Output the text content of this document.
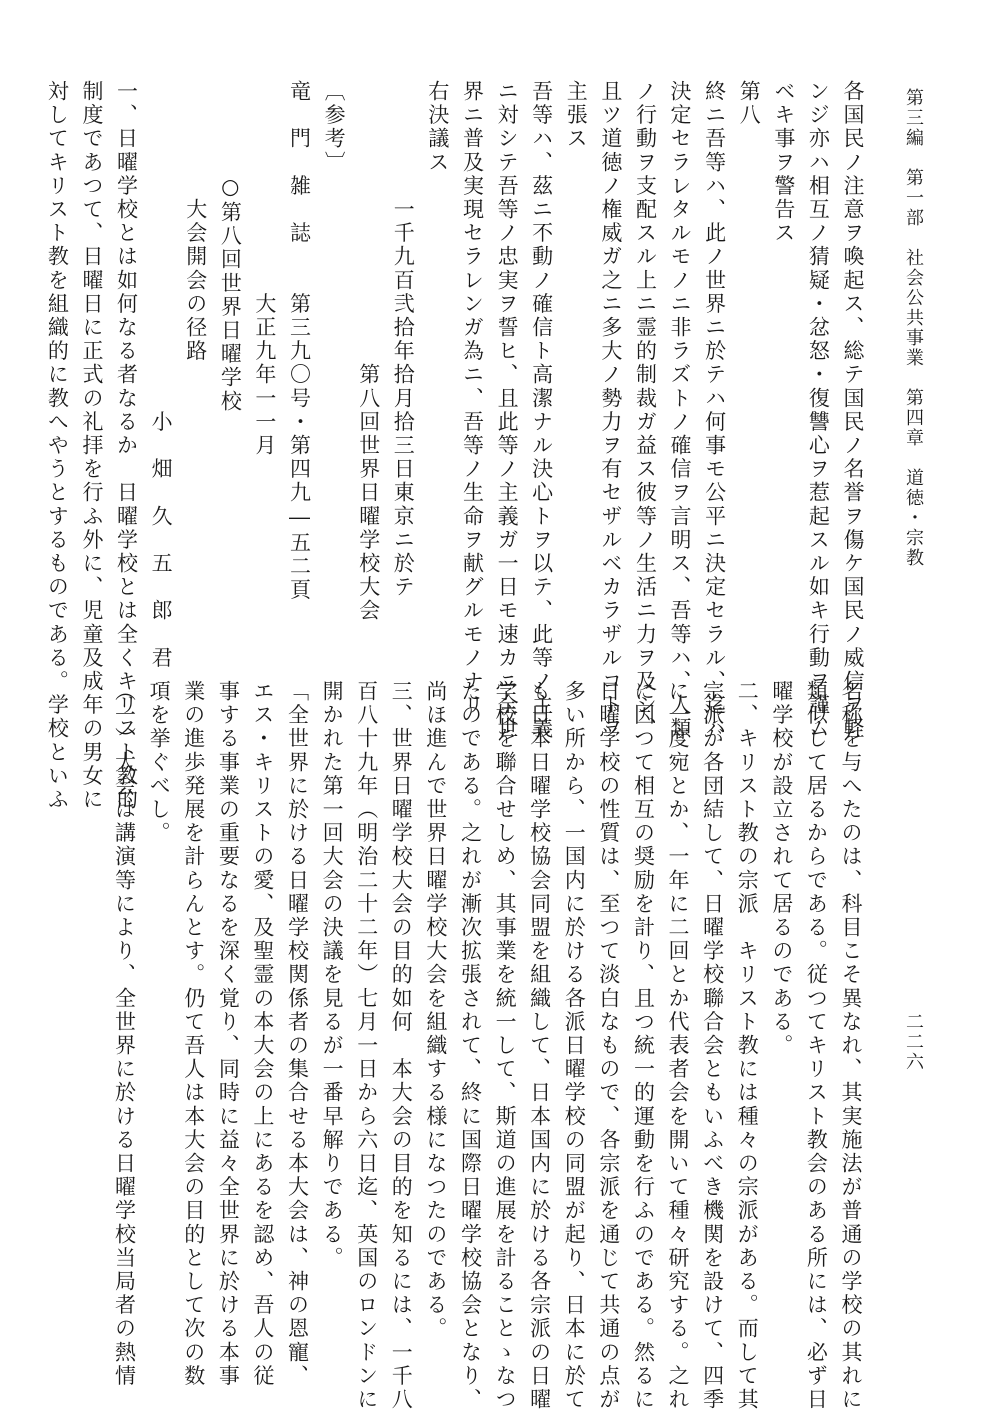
第三編　第一部　社会公共事業　第四章　道徳・宗教
二二六
各国民ノ注意ヲ喚起ス、総テ国民ノ名誉ヲ傷ケ国民ノ威信ヲ軽
ンジ亦ハ相互ノ猜疑・忿怒・復讐心ヲ惹起スル如キ行動ヲ謹ム
ベキ事ヲ警告ス
第八
終ニ吾等ハ、此ノ世界ニ於テハ何事モ公平ニ決定セラル、迄ハ
決定セラレタルモノニ非ラズトノ確信ヲ言明ス、吾等ハ、人類
ノ行動ヲ支配スル上ニ霊的制裁ガ益ス彼等ノ生活ニ力ヲ及シ、
且ツ道徳ノ権威ガ之ニ多大ノ勢力ヲ有セザルベカラザルコトヲ
主張ス
吾等ハ、茲ニ不動ノ確信ト高潔ナル決心トヲ以テ、此等ノ主義
ニ対シテ吾等ノ忠実ヲ誓ヒ、且此等ノ主義ガ一日モ速カニ全世
界ニ普及実現セラレンガ為ニ、吾等ノ生命ヲ献グルモノナリ
右決議ス
　　　　　一千九百弐拾年拾月拾三日東京ニ於テ
　　　　　　　　　　　　第八回世界日曜学校大会
〔参考〕
竜　門　雑　誌　　第三九〇号・第四九―五二頁
　　　　　　　　　大正九年一一月
　　　　○第八回世界日曜学校
　　　　　大会開会の径路
　　　　　　　　　　　　　　小　畑　久　五　郎　君
一、日曜学校とは如何なる者なるか　日曜学校とは全くキリスト教的
制度であつて、日曜日に正式の礼拝を行ふ外に、児童及成年の男女に
対してキリスト教を組織的に教へやうとするものである。学校といふ
名称を与へたのは、科目こそ異なれ、其実施法が普通の学校の其れに
類似して居るからである。従つてキリスト教会のある所には、必ず日
曜学校が設立されて居るのである。
二、キリスト教の宗派　キリスト教には種々の宗派がある。而して其
宗派が各団結して、日曜学校聯合会ともいふべき機関を設けて、四季
に一度宛とか、一年に二回とか代表者会を開いて種々研究する。之れ
に因つて相互の奨励を計り、且つ統一的運動を行ふのである。然るに
日曜学校の性質は、至つて淡白なもので、各宗派を通じて共通の点が
多い所から、一国内に於ける各派日曜学校の同盟が起り、日本に於て
も日本日曜学校協会同盟を組織して、日本国内に於ける各宗派の日曜
学校を聯合せしめ、其事業を統一して、斯道の進展を計ることゝなつ
たのである。之れが漸次拡張されて、終に国際日曜学校協会となり、
尚ほ進んで世界日曜学校大会を組織する様になつたのである。
三、世界日曜学校大会の目的如何　本大会の目的を知るには、一千八
百八十九年（明治二十二年）七月一日から六日迄、英国のロンドンに
開かれた第一回大会の決議を見るが一番早解りである。
「全世界に於ける日曜学校関係者の集合せる本大会は、神の恩寵、
エス・キリストの愛、及聖霊の本大会の上にあるを認め、吾人の従
事する事業の重要なるを深く覚り、同時に益々全世界に於ける本事
業の進歩発展を計らんとす。仍て吾人は本大会の目的として次の数
項を挙ぐべし。
（一）大会は講演等により、全世界に於ける日曜学校当局者の熱情
